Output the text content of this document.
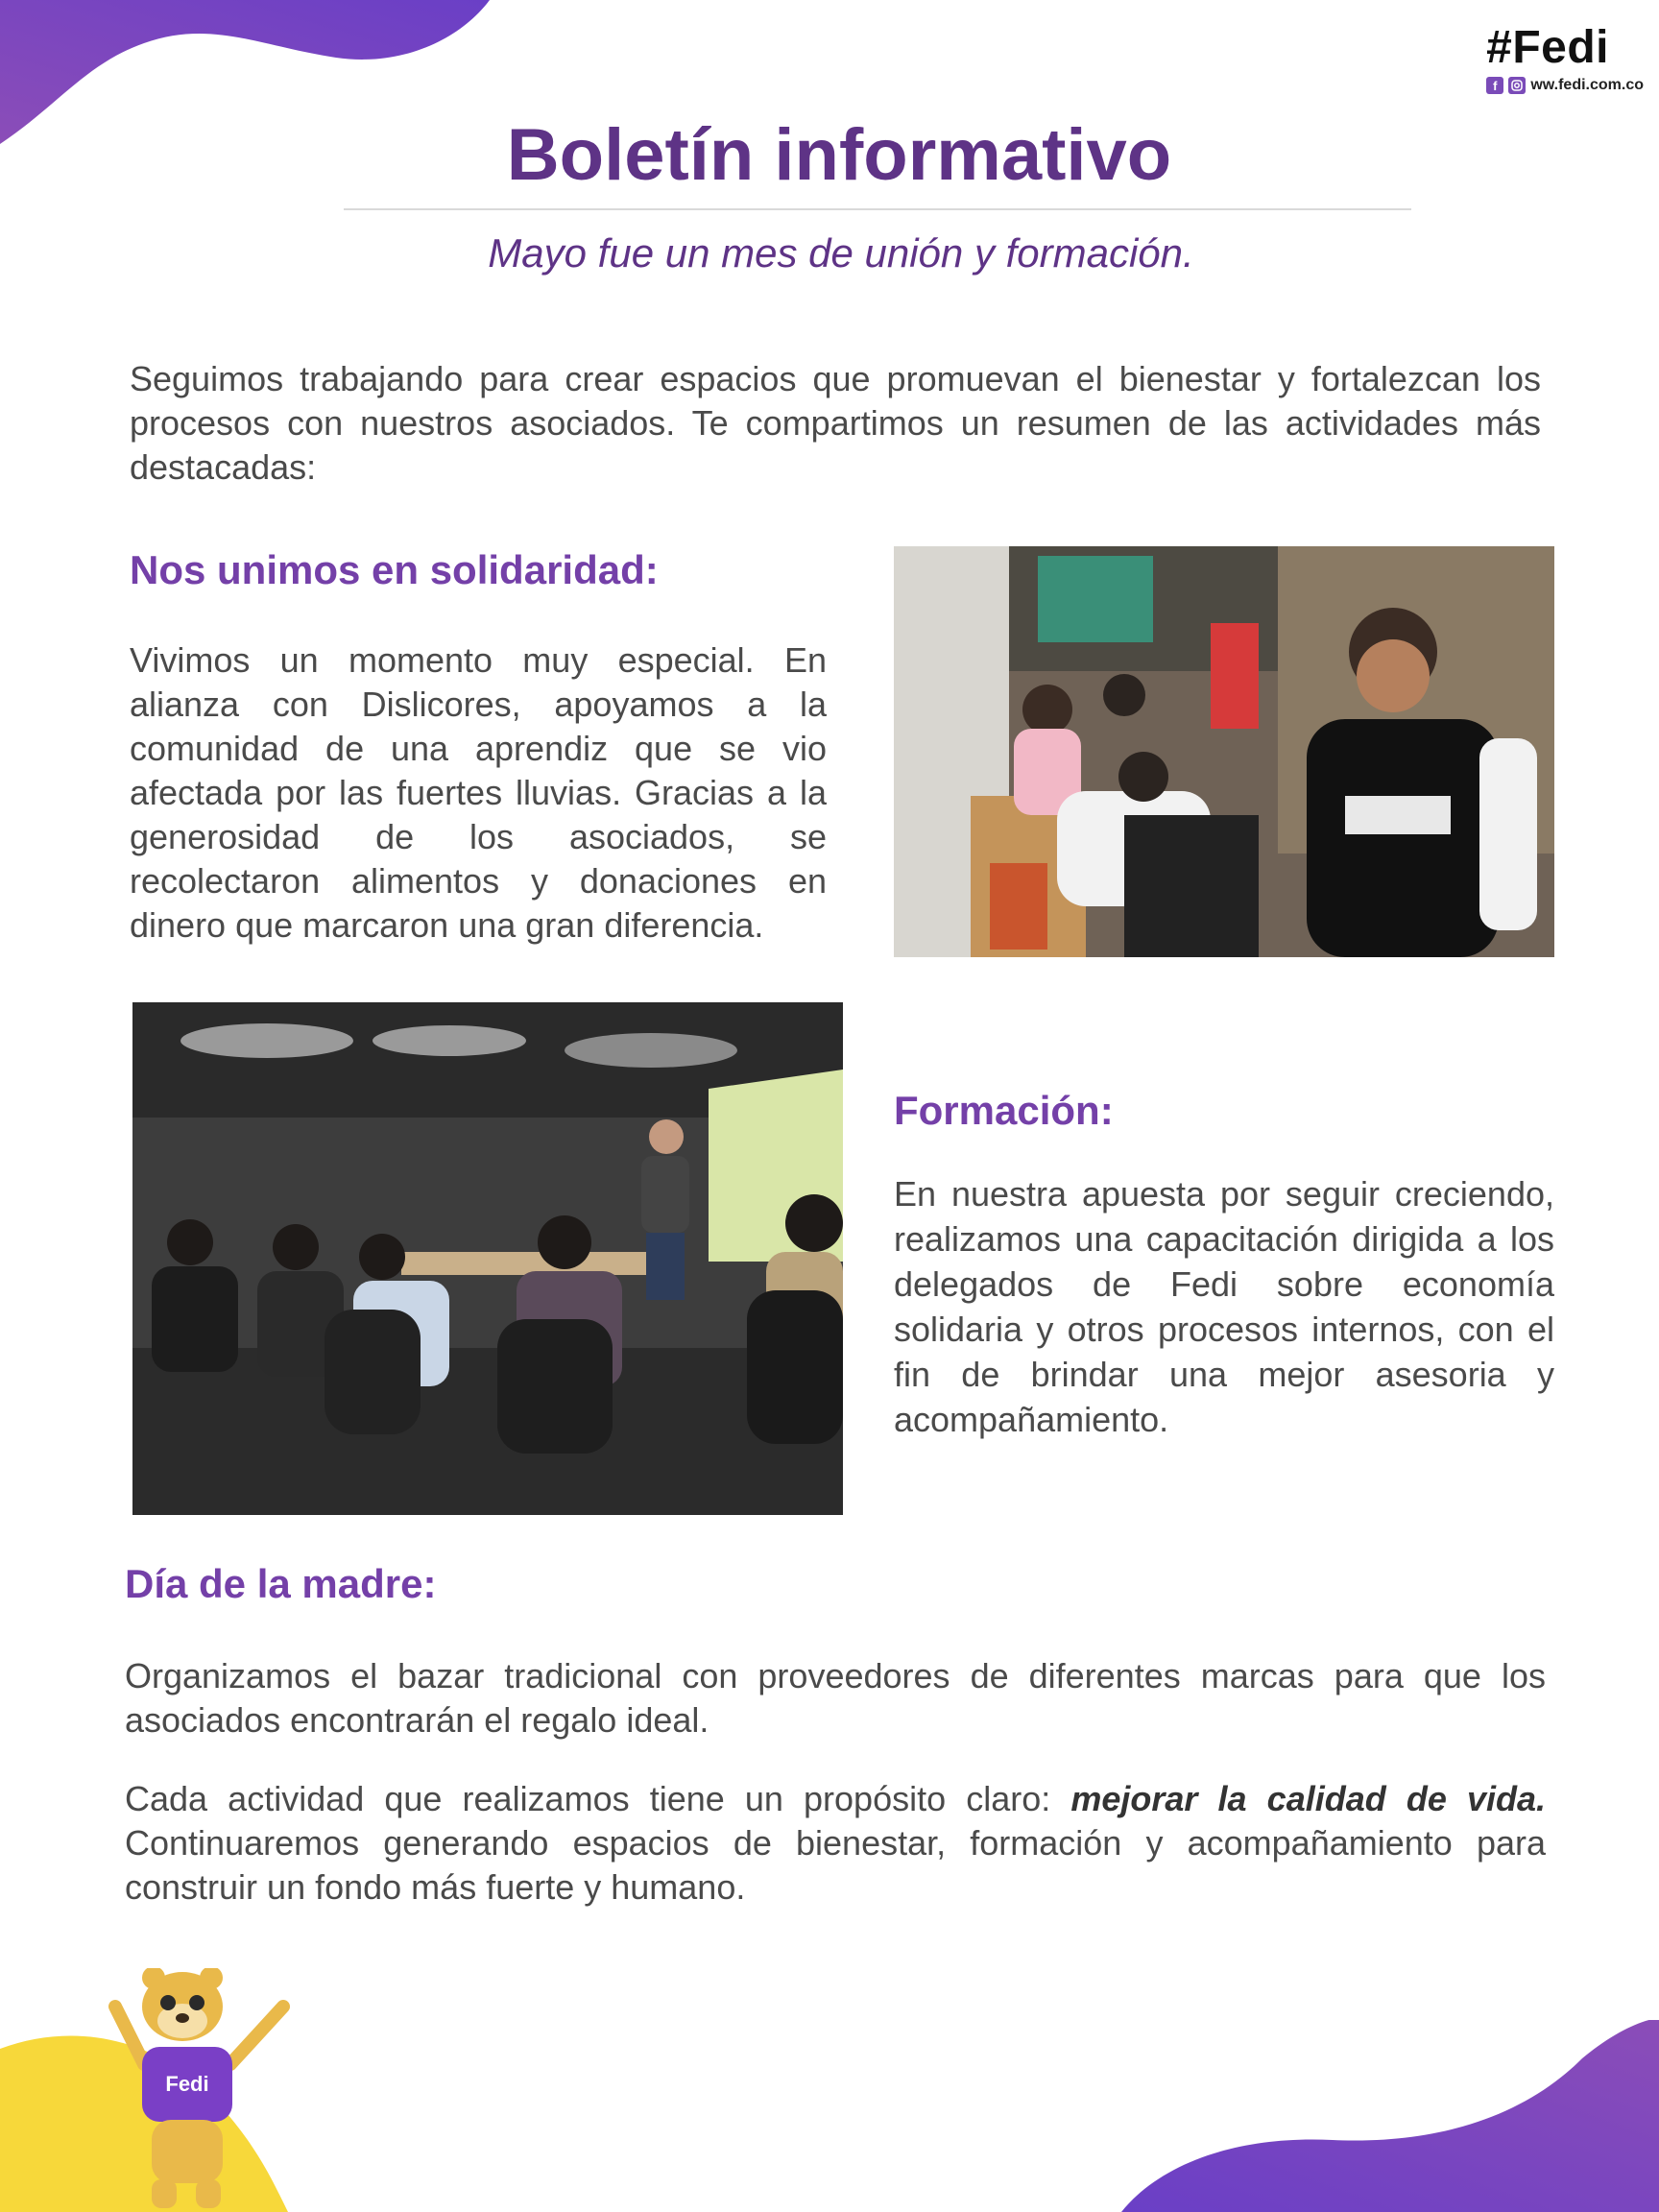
#Fedi
f	ww.fedi.com.co
Boletín informativo
Mayo fue un mes de unión y formación.
Seguimos trabajando para crear espacios que promuevan el bienestar y fortalezcan los procesos con nuestros asociados. Te compartimos un resumen de las actividades más destacadas:
Nos unimos en solidaridad:
Vivimos un momento muy especial. En alianza con Dislicores, apoyamos a la comunidad de una aprendiz que se vio afectada por las fuertes lluvias. Gracias a la generosidad de los asociados, se recolectaron alimentos y donaciones en dinero que marcaron una gran diferencia.
Formación:
En nuestra apuesta por seguir creciendo, realizamos una capacitación dirigida a los delegados de Fedi sobre economía solidaria y otros procesos internos, con el fin de brindar una mejor asesoria y acompañamiento.
Día de la madre:
Organizamos el bazar tradicional con proveedores de diferentes marcas para que los asociados encontrarán el regalo ideal.
Cada actividad que realizamos tiene un propósito claro: mejorar la calidad de vida. Continuaremos generando espacios de bienestar, formación y acompañamiento para construir un fondo más fuerte y humano.
Fedi
